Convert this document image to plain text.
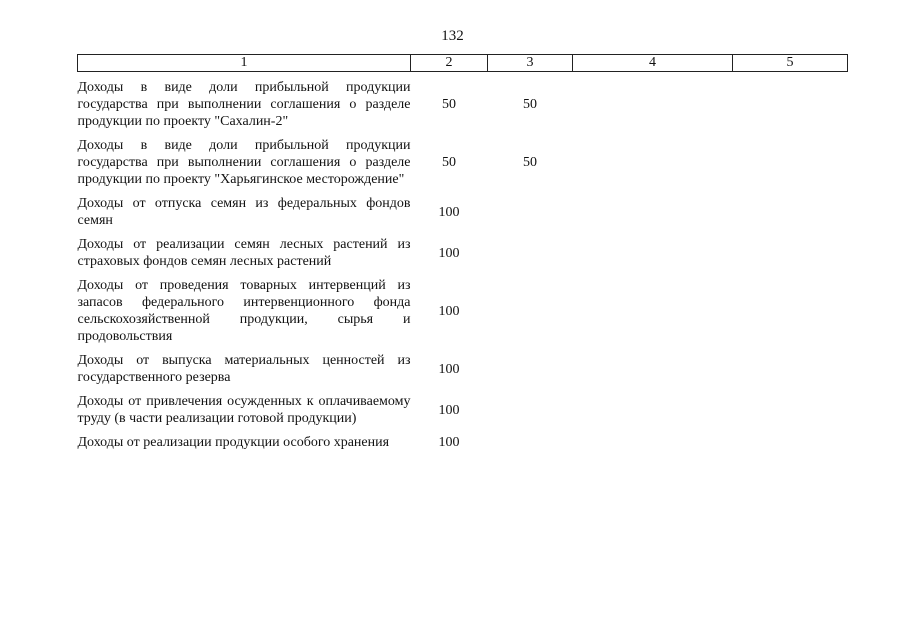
132
1	2	3	4	5
Доходы в виде доли прибыльной продукции государства при выполнении соглашения о разделе продукции по проекту "Сахалин-2"	50	50		
Доходы в виде доли прибыльной продукции государства при выполнении соглашения о разделе продукции по проекту "Харьягинское месторождение"	50	50		
Доходы от отпуска семян из федеральных фондов семян	100			
Доходы от реализации семян лесных растений из страховых фондов семян лесных растений	100			
Доходы от проведения товарных интервенций из запасов федерального интервенционного фонда сельскохозяйственной продукции, сырья и продовольствия	100			
Доходы от выпуска материальных ценностей из государственного резерва	100			
Доходы от привлечения осужденных к оплачиваемому труду (в части реализации готовой продукции)	100			
Доходы от реализации продукции особого хранения	100			
